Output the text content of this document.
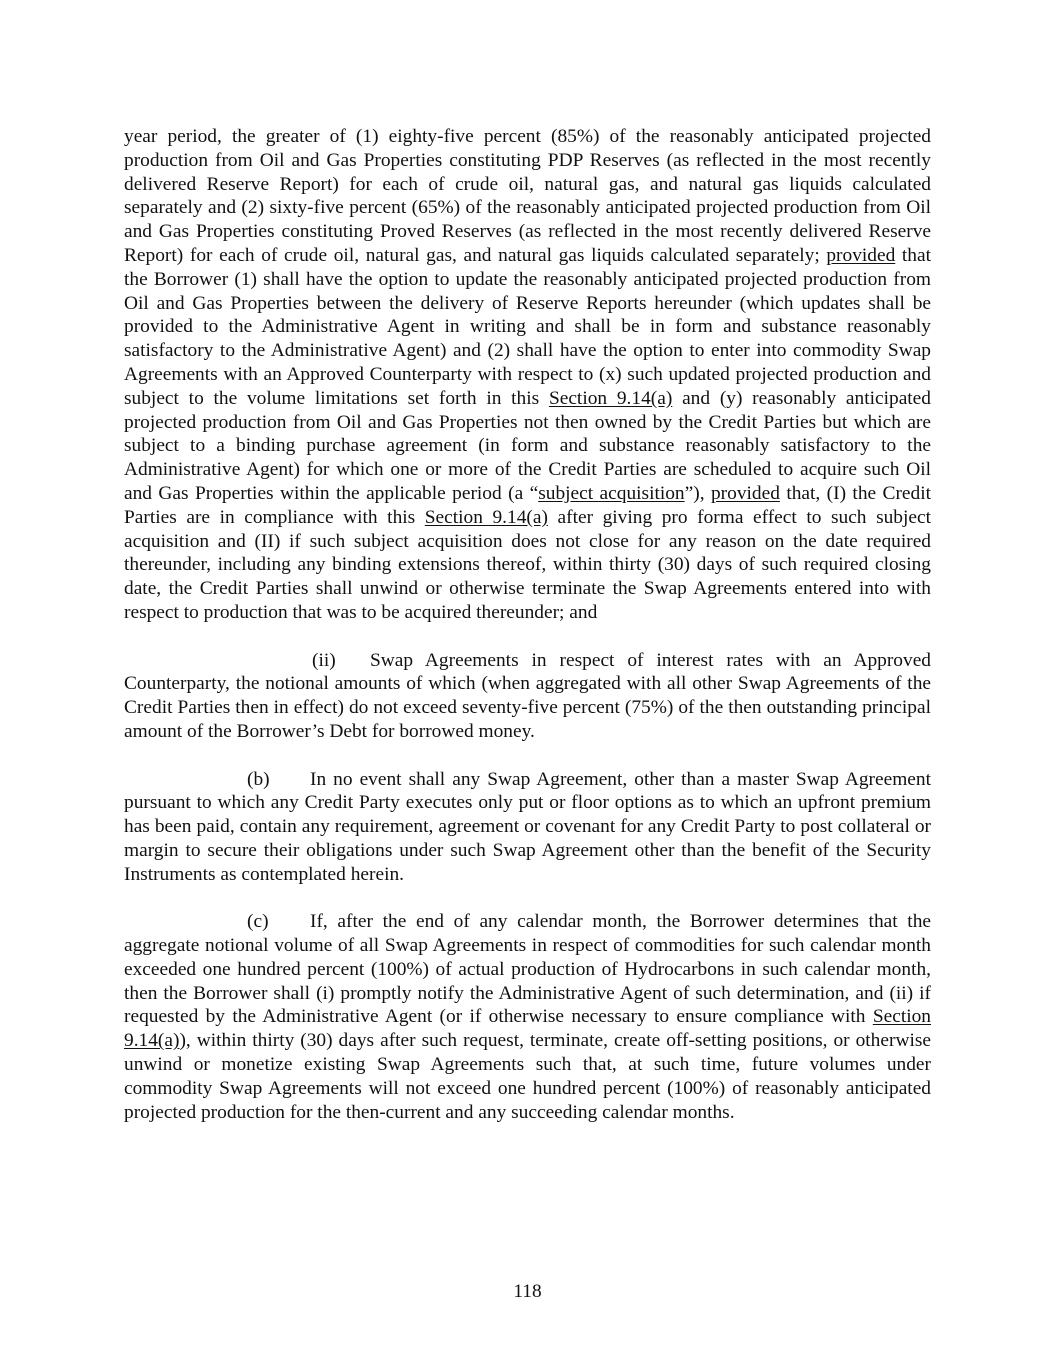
year period, the greater of (1) eighty-five percent (85%) of the reasonably anticipated projected production from Oil and Gas Properties constituting PDP Reserves (as reflected in the most recently delivered Reserve Report) for each of crude oil, natural gas, and natural gas liquids calculated separately and (2) sixty-five percent (65%) of the reasonably anticipated projected production from Oil and Gas Properties constituting Proved Reserves (as reflected in the most recently delivered Reserve Report) for each of crude oil, natural gas, and natural gas liquids calculated separately; provided that the Borrower (1) shall have the option to update the reasonably anticipated projected production from Oil and Gas Properties between the delivery of Reserve Reports hereunder (which updates shall be provided to the Administrative Agent in writing and shall be in form and substance reasonably satisfactory to the Administrative Agent) and (2) shall have the option to enter into commodity Swap Agreements with an Approved Counterparty with respect to (x) such updated projected production and subject to the volume limitations set forth in this Section 9.14(a) and (y) reasonably anticipated projected production from Oil and Gas Properties not then owned by the Credit Parties but which are subject to a binding purchase agreement (in form and substance reasonably satisfactory to the Administrative Agent) for which one or more of the Credit Parties are scheduled to acquire such Oil and Gas Properties within the applicable period (a “subject acquisition”), provided that, (I) the Credit Parties are in compliance with this Section 9.14(a) after giving pro forma effect to such subject acquisition and (II) if such subject acquisition does not close for any reason on the date required thereunder, including any binding extensions thereof, within thirty (30) days of such required closing date, the Credit Parties shall unwind or otherwise terminate the Swap Agreements entered into with respect to production that was to be acquired thereunder; and

(ii) Swap Agreements in respect of interest rates with an Approved Counterparty, the notional amounts of which (when aggregated with all other Swap Agreements of the Credit Parties then in effect) do not exceed seventy-five percent (75%) of the then outstanding principal amount of the Borrower’s Debt for borrowed money.

(b) In no event shall any Swap Agreement, other than a master Swap Agreement pursuant to which any Credit Party executes only put or floor options as to which an upfront premium has been paid, contain any requirement, agreement or covenant for any Credit Party to post collateral or margin to secure their obligations under such Swap Agreement other than the benefit of the Security Instruments as contemplated herein.

(c) If, after the end of any calendar month, the Borrower determines that the aggregate notional volume of all Swap Agreements in respect of commodities for such calendar month exceeded one hundred percent (100%) of actual production of Hydrocarbons in such calendar month, then the Borrower shall (i) promptly notify the Administrative Agent of such determination, and (ii) if requested by the Administrative Agent (or if otherwise necessary to ensure compliance with Section 9.14(a)), within thirty (30) days after such request, terminate, create off-setting positions, or otherwise unwind or monetize existing Swap Agreements such that, at such time, future volumes under commodity Swap Agreements will not exceed one hundred percent (100%) of reasonably anticipated projected production for the then-current and any succeeding calendar months.

118
